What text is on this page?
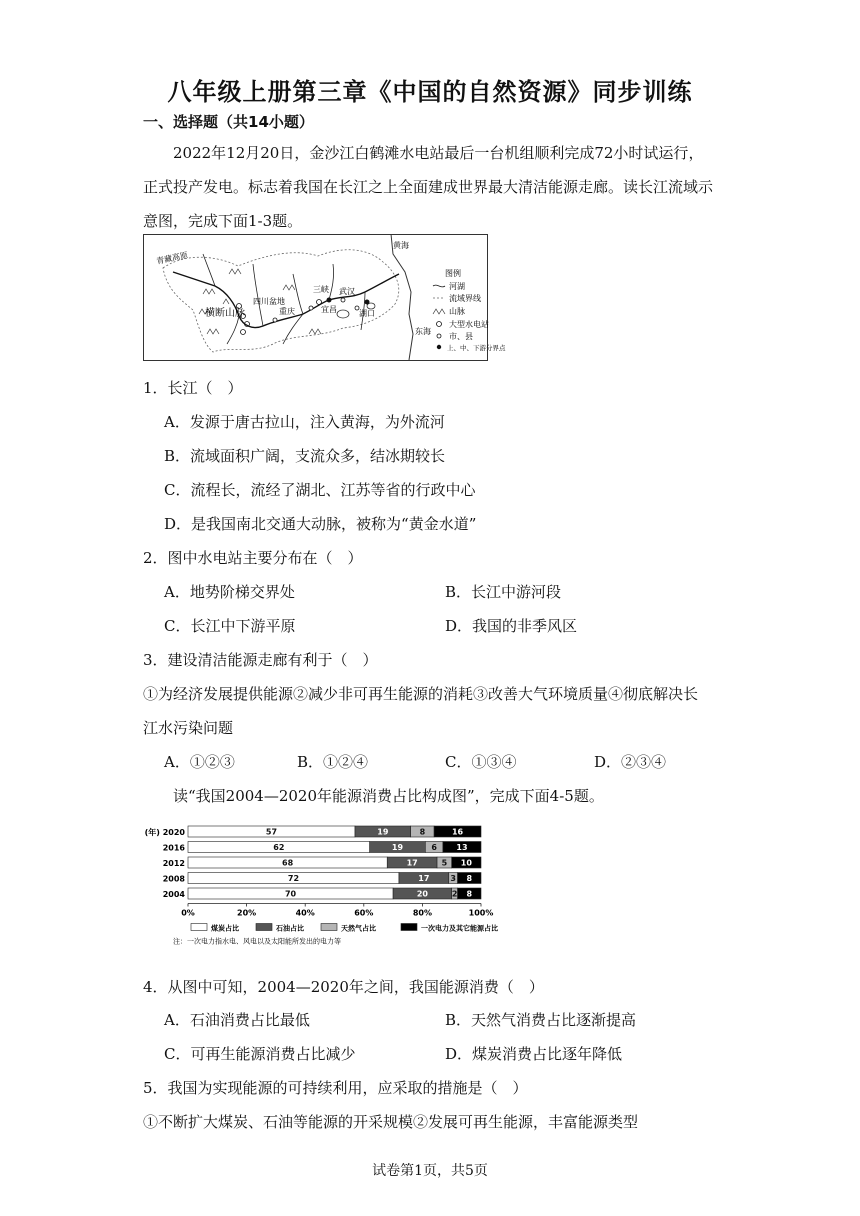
八年级上册第三章《中国的自然资源》同步训练
一、选择题（共14小题）
2022年12月20日，金沙江白鹤滩水电站最后一台机组顺利完成72小时试运行，
正式投产发电。标志着我国在长江之上全面建成世界最大清洁能源走廊。读长江流域示
意图，完成下面1-3题。
青藏高原
横断山脉
四川盆地
重庆	宜昌
武汉
湖口
三峡
黄海
东海
图例
河湖
流域界线
山脉
大型水电站
市、县
上、中、下游分界点
1．长江（　）
A．发源于唐古拉山，注入黄海，为外流河
B．流域面积广阔，支流众多，结冰期较长
C．流程长，流经了湖北、江苏等省的行政中心
D．是我国南北交通大动脉，被称为“黄金水道”
2．图中水电站主要分布在（　）
A．地势阶梯交界处	B．长江中游河段
C．长江中下游平原	D．我国的非季风区
3．建设清洁能源走廊有利于（　）
①为经济发展提供能源②减少非可再生能源的消耗③改善大气环境质量④彻底解决长
江水污染问题
A．①②③	B．①②④	C．①③④	D．②③④
读“我国2004—2020年能源消费占比构成图”，完成下面4-5题。
(年) 2020	57	19	8	16
2016	62	19	6 13
2012	68	17	5 10
2008	72	17	3 8
2004	70	20	2 8
0%	20%	40%	60%	80%	100%
煤炭占比	石油占比	天然气占比	一次电力及其它能源占比
注：一次电力指水电、风电以及太阳能所发出的电力等
4．从图中可知，2004—2020年之间，我国能源消费（　）
A．石油消费占比最低	B．天然气消费占比逐渐提高
C．可再生能源消费占比减少	D．煤炭消费占比逐年降低
5．我国为实现能源的可持续利用，应采取的措施是（　）
①不断扩大煤炭、石油等能源的开采规模②发展可再生能源，丰富能源类型
试卷第1页，共5页
